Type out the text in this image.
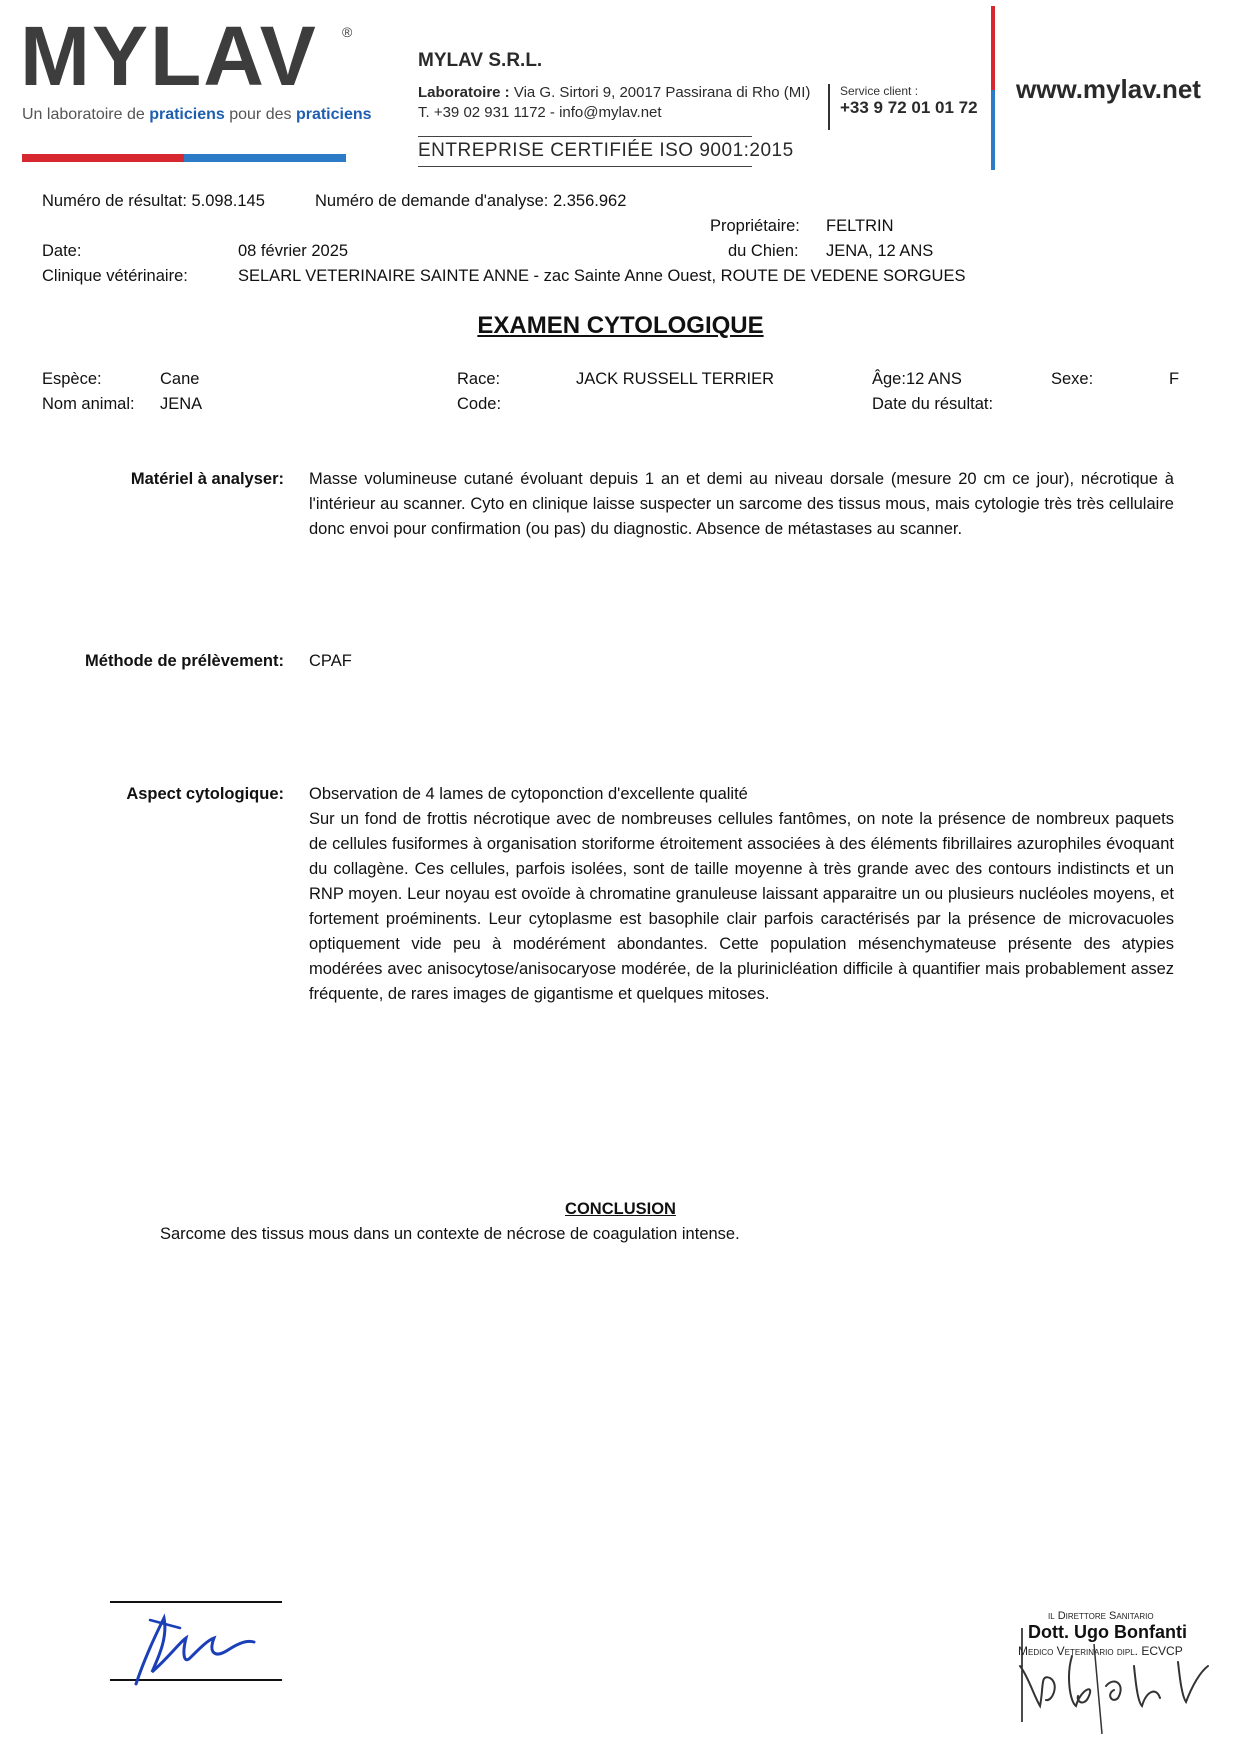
MYLAV ®
Un laboratoire de praticiens pour des praticiens
MYLAV S.R.L.
Laboratoire : Via G. Sirtori 9, 20017 Passirana di Rho (MI)
T. +39 02 931 1172 - info@mylav.net
Service client :
+33 9 72 01 01 72
ENTREPRISE CERTIFIÉE ISO 9001:2015
www.mylav.net
Numéro de résultat: 5.098.145	Numéro de demande d'analyse: 2.356.962
Propriétaire: FELTRIN
Date:	08 février 2025	du Chien: JENA, 12 ANS
Clinique vétérinaire:	SELARL VETERINAIRE SAINTE ANNE - zac Sainte Anne Ouest, ROUTE DE VEDENE SORGUES
EXAMEN CYTOLOGIQUE
Espèce:	Cane	Race:	JACK RUSSELL TERRIER	Âge:12 ANS	Sexe:	F
Nom animal: JENA	Code:	Date du résultat:
Matériel à analyser: Masse volumineuse cutané évoluant depuis 1 an et demi au niveau dorsale (mesure 20 cm ce jour), nécrotique à l'intérieur au scanner. Cyto en clinique laisse suspecter un sarcome des tissus mous, mais cytologie très très cellulaire donc envoi pour confirmation (ou pas) du diagnostic. Absence de métastases au scanner.
Méthode de prélèvement: CPAF
Aspect cytologique: Observation de 4 lames de cytoponction d'excellente qualité
Sur un fond de frottis nécrotique avec de nombreuses cellules fantômes, on note la présence de nombreux paquets de cellules fusiformes à organisation storiforme étroitement associées à des éléments fibrillaires azurophiles évoquant du collagène. Ces cellules, parfois isolées, sont de taille moyenne à très grande avec des contours indistincts et un RNP moyen. Leur noyau est ovoïde à chromatine granuleuse laissant apparaitre un ou plusieurs nucléoles moyens, et fortement proéminents. Leur cytoplasme est basophile clair parfois caractérisés par la présence de microvacuoles optiquement vide peu à modérément abondantes. Cette population mésenchymateuse présente des atypies modérées avec anisocytose/anisocaryose modérée, de la plurinicléation difficile à quantifier mais probablement assez fréquente, de rares images de gigantisme et quelques mitoses.
CONCLUSION
Sarcome des tissus mous dans un contexte de nécrose de coagulation intense.
il Direttore Sanitario
Dott. Ugo Bonfanti
Medico Veterinario dipl. ECVCP
